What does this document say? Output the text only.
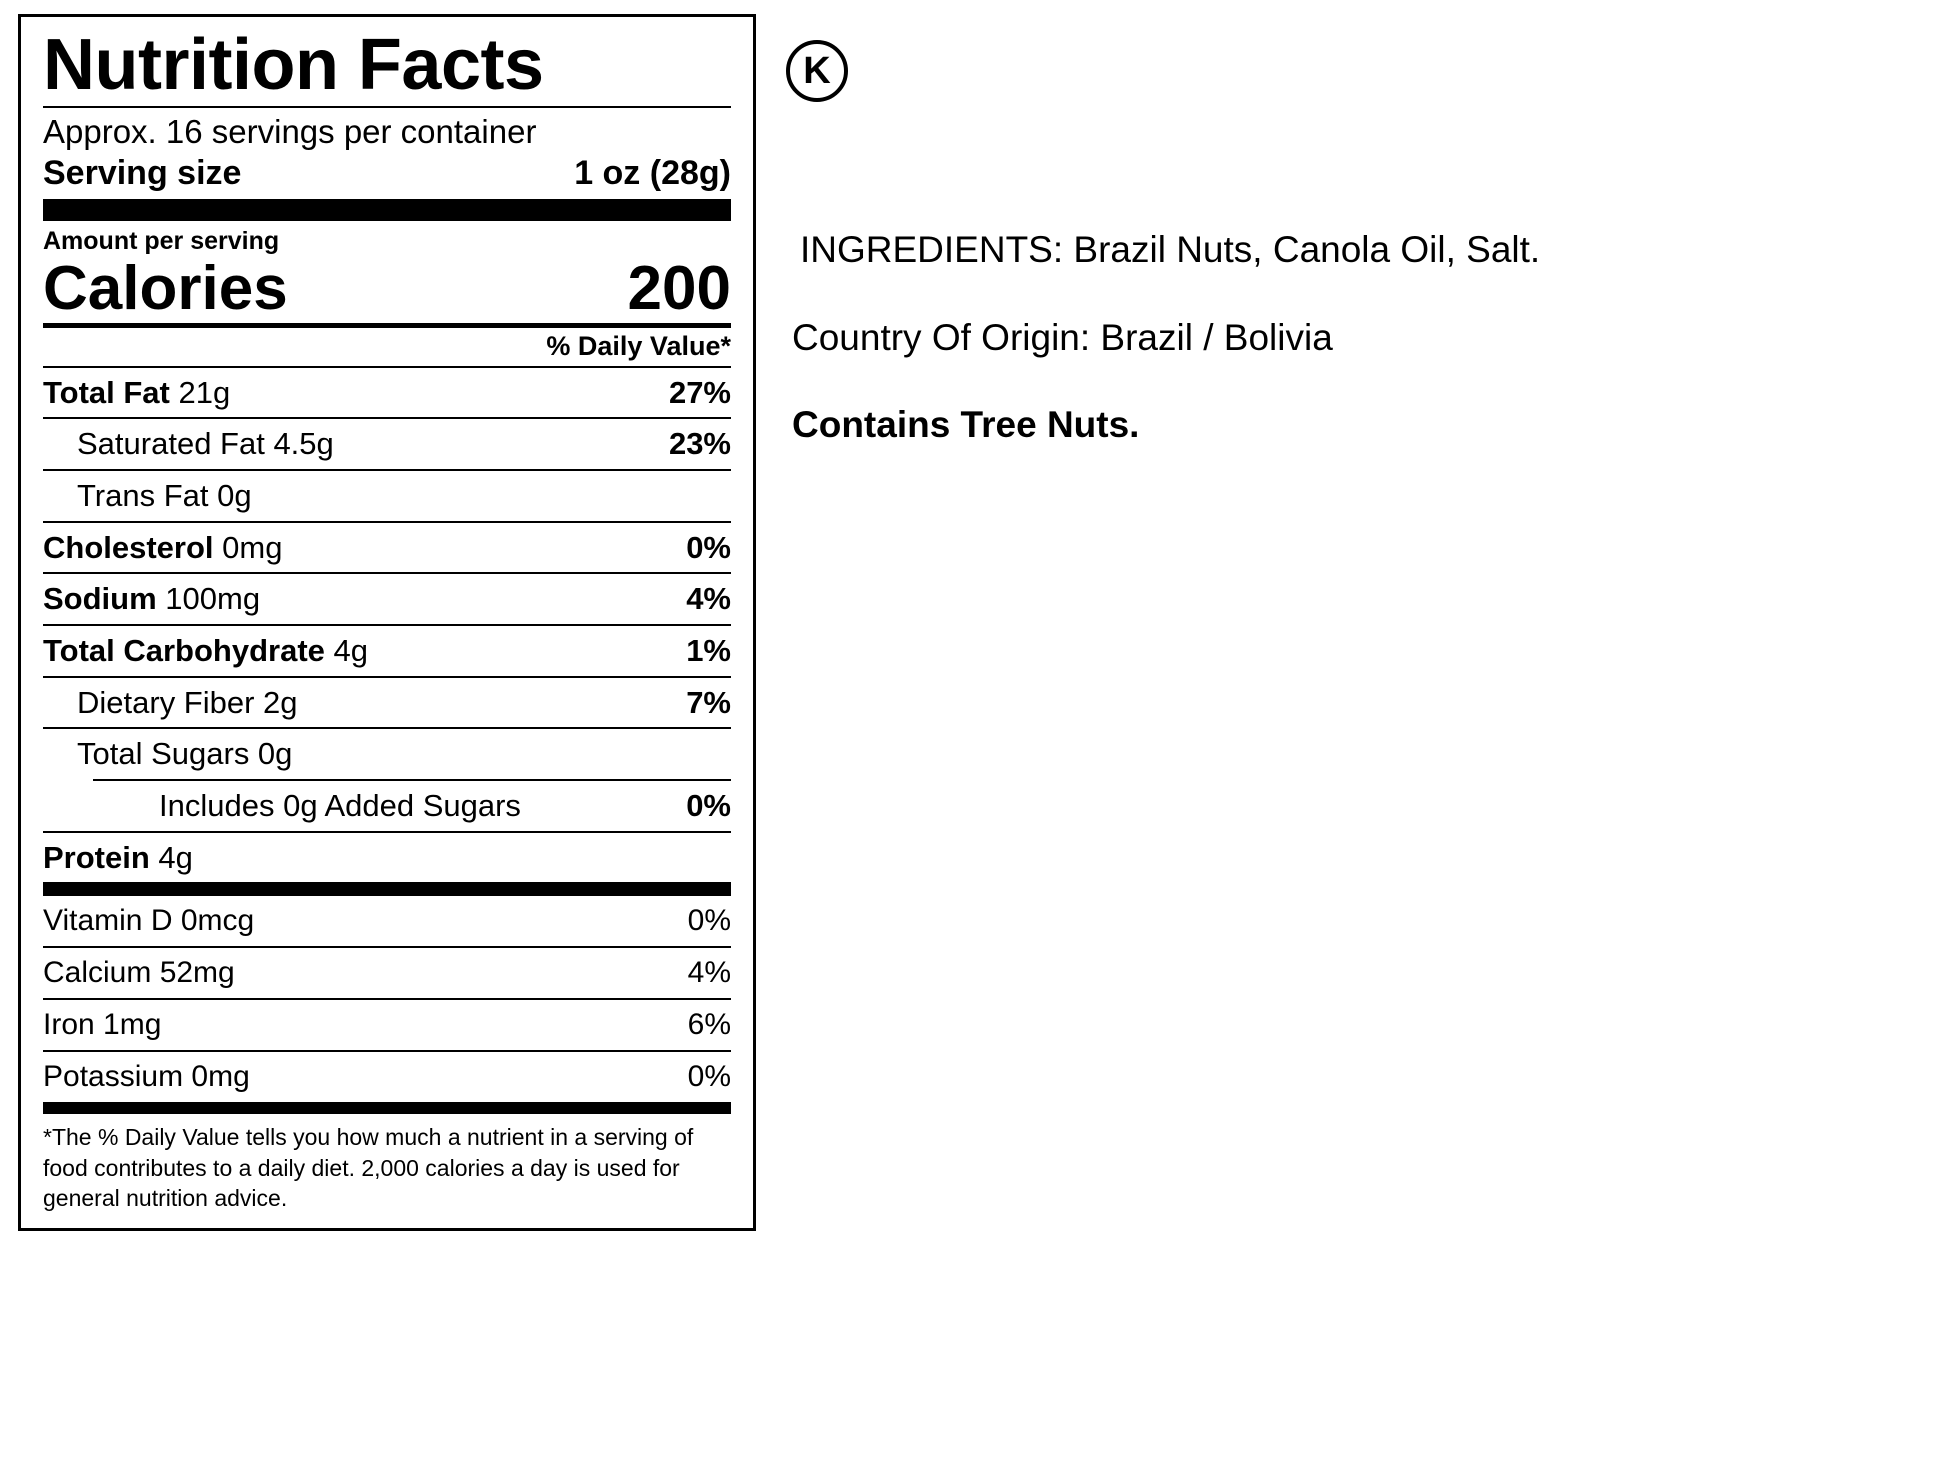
Nutrition Facts
Approx. 16 servings per container
Serving size	1 oz (28g)
Amount per serving
Calories	200
% Daily Value*
Total Fat 21g	27%
Saturated Fat 4.5g	23%
Trans Fat 0g
Cholesterol 0mg	0%
Sodium 100mg	4%
Total Carbohydrate 4g	1%
Dietary Fiber 2g	7%
Total Sugars 0g
Includes 0g Added Sugars	0%
Protein 4g
Vitamin D 0mcg	0%
Calcium 52mg	4%
Iron 1mg	6%
Potassium 0mg	0%
*The % Daily Value tells you how much a nutrient in a serving of food contributes to a daily diet. 2,000 calories a day is used for general nutrition advice.
K
INGREDIENTS: Brazil Nuts, Canola Oil, Salt.
Country Of Origin: Brazil / Bolivia
Contains Tree Nuts.
